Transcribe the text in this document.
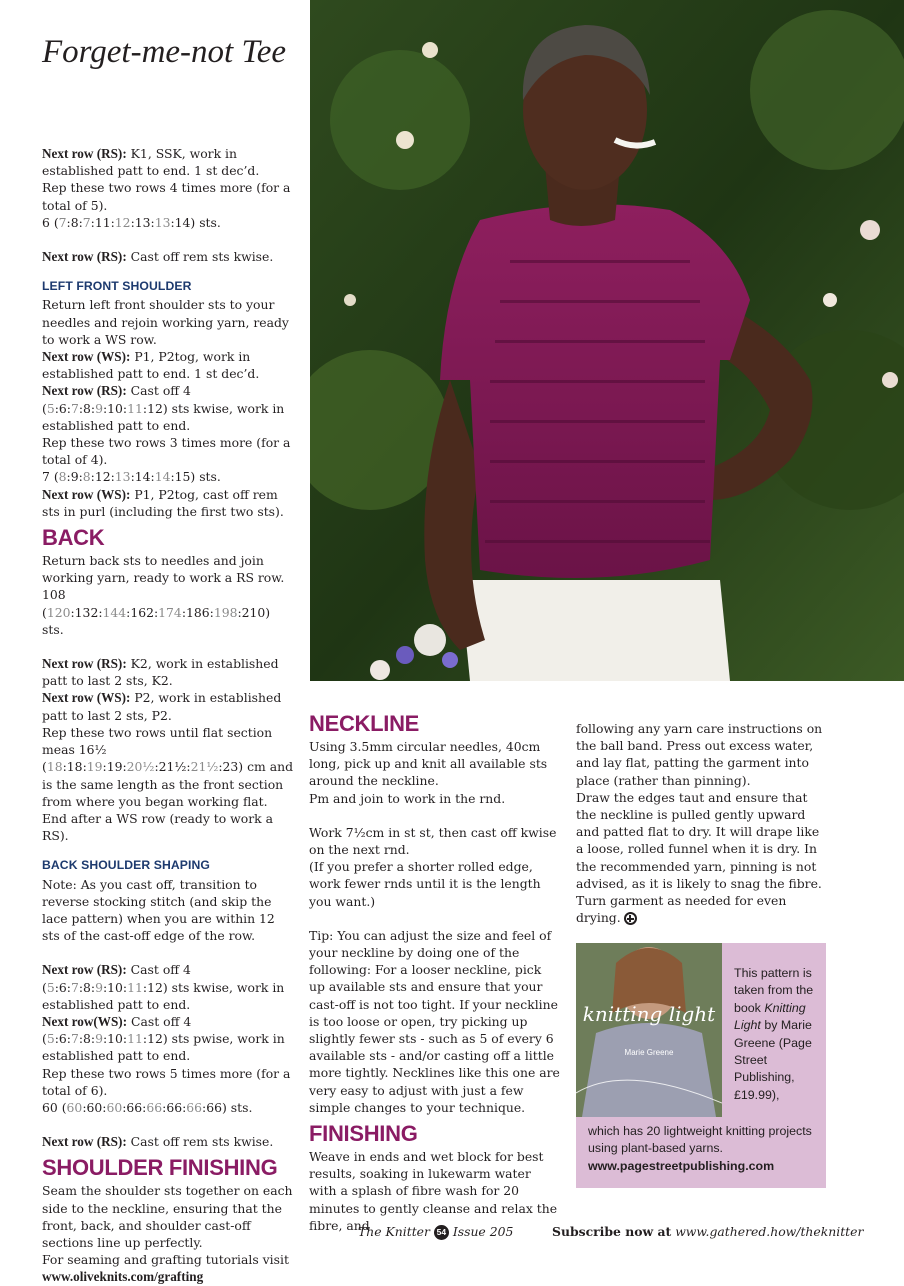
Forget-me-not Tee

Next row (RS): K1, SSK, work in established patt to end. 1 st dec’d.

Rep these two rows 4 times more (for a total of 5).

6 (7:8:7:11:12:13:13:14) sts.

Next row (RS): Cast off rem sts kwise.

LEFT FRONT SHOULDER

Return left front shoulder sts to your needles and rejoin working yarn, ready to work a WS row.

Next row (WS): P1, P2tog, work in established patt to end. 1 st dec’d.

Next row (RS): Cast off 4 (5:6:7:8:9:10:11:12) sts kwise, work in established patt to end.

Rep these two rows 3 times more (for a total of 4).

7 (8:9:8:12:13:14:14:15) sts.

Next row (WS): P1, P2tog, cast off rem sts in purl (including the first two sts).

BACK

Return back sts to needles and join working yarn, ready to work a RS row.

108 (120:132:144:162:174:186:198:210) sts.

Next row (RS): K2, work in established patt to last 2 sts, K2.

Next row (WS): P2, work in established patt to last 2 sts, P2.

Rep these two rows until flat section meas 16½ (18:18:19:19:20½:21½:21½:23) cm and is the same length as the front section from where you began working flat. End after a WS row (ready to work a RS).

BACK SHOULDER SHAPING

Note: As you cast off, transition to reverse stocking stitch (and skip the lace pattern) when you are within 12 sts of the cast-off edge of the row.

Next row (RS): Cast off 4 (5:6:7:8:9:10:11:12) sts kwise, work in established patt to end.

Next row(WS): Cast off 4 (5:6:7:8:9:10:11:12) sts pwise, work in established patt to end.

Rep these two rows 5 times more (for a total of 6).

60 (60:60:60:66:66:66:66:66) sts.

Next row (RS): Cast off rem sts kwise.

SHOULDER FINISHING

Seam the shoulder sts together on each side to the neckline, ensuring that the front, back, and shoulder cast-off sections line up perfectly.

For seaming and grafting tutorials visit

www.oliveknits.com/grafting

NECKLINE

Using 3.5mm circular needles, 40cm long, pick up and knit all available sts around the neckline.

Pm and join to work in the rnd.

Work 7½cm in st st, then cast off kwise on the next rnd.

(If you prefer a shorter rolled edge, work fewer rnds until it is the length you want.)

Tip: You can adjust the size and feel of your neckline by doing one of the following: For a looser neckline, pick up available sts and ensure that your cast-off is not too tight. If your neckline is too loose or open, try picking up slightly fewer sts - such as 5 of every 6 available sts - and/or casting off a little more tightly. Necklines like this one are very easy to adjust with just a few simple changes to your technique.

FINISHING

Weave in ends and wet block for best results, soaking in lukewarm water with a splash of fibre wash for 20 minutes to gently cleanse and relax the fibre, and

following any yarn care instructions on the ball band. Press out excess water, and lay flat, patting the garment into place (rather than pinning).

Draw the edges taut and ensure that the neckline is pulled gently upward and patted flat to dry. It will drape like a loose, rolled funnel when it is dry. In the recommended yarn, pinning is not advised, as it is likely to snag the fibre. Turn garment as needed for even drying.

knitting light
Marie Greene
This pattern is taken from the book Knitting Light by Marie Greene (Page Street Publishing, £19.99),
which has 20 lightweight knitting projects using plant-based yarns.
www.pagestreetpublishing.com
The Knitter 54 Issue 205	Subscribe now at www.gathered.how/theknitter
